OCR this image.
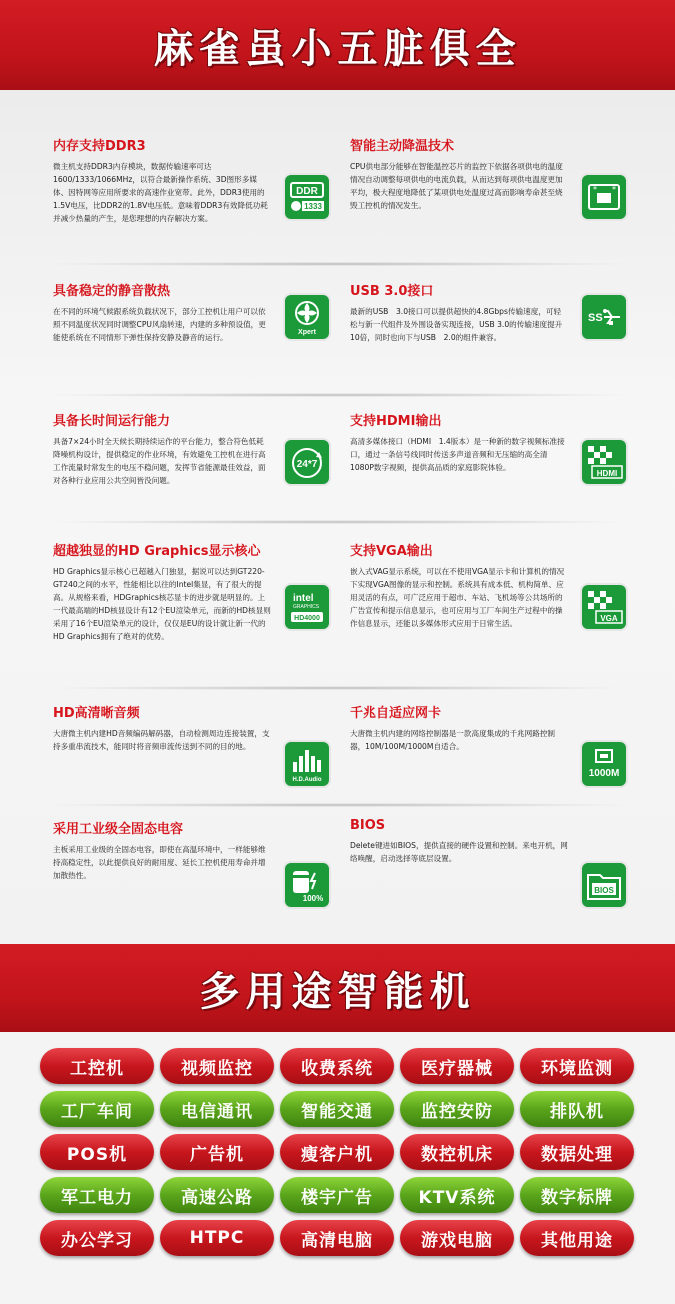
麻雀虽小五脏俱全
内存支持DDR3
微主机支持DDR3内存模块，数据传输速率可达1600/1333/1066MHz，以符合最新操作系统、3D图形多媒体、因特网等应用所要求的高速作业宽带。此外，DDR3使用的1.5V电压，比DDR2的1.8V电压低。意味着DDR3有效降低功耗并减少热量的产生，是您理想的内存解决方案。
DDR
1333
智能主动降温技术
CPU供电部分能够在智能温控芯片的监控下依据各项供电的温度情况自动调整每项供电的电流负载，从而达到每项供电温度更加平均，极大程度地降低了某项供电处温度过高而影响寿命甚至烧毁工控机的情况发生。
* *
具备稳定的静音散热
在不同的环境气候跟系统负载状况下，部分工控机让用户可以依照不同温度状况同时调整CPU风扇转速，内建的多种预设值，更能使系统在不同情形下弹性保持安静及静音的运行。
Xpert
USB 3.0接口
最新的USB　3.0接口可以提供超快的4.8Gbps传输速度，可轻松与新一代组件及外围设备实现连接，USB 3.0的传输速度提升10倍，同时也向下与USB　2.0的组件兼容。
SS
具备长时间运行能力
具备7×24小时全天候长期持续运作的平台能力，整合符色低耗降噪机构设计，提供稳定的作业环境，有效避免工控机在进行高工作流量时常发生的电压不稳问题，发挥节省能源最佳效益，面对各种行业应用公共空间皆没问题。
24*7
支持HDMI输出
高清多媒体接口（HDMI　1.4版本）是一种新的数字视频标准接口，通过一条信号线同时传送多声道音频和无压缩的高全清1080P数字视频，提供高品质的家庭影院体验。
HDMI
超越独显的HD Graphics显示核心
HD Graphics显示核心已超越入门独显，据说可以达到GT220-GT240之间的水平，性能相比以往的Intel集显，有了很大的提高。从规格来看，HDGraphics核芯显卡的进步就是明显的。上一代最高端的HD核显设计有12个EU渲染单元，而新的HD核显则采用了16个EU渲染单元的设计，仅仅是EU的设计就让新一代的HD Graphics拥有了绝对的优势。
intel
GRAPHICS
HD4000
支持VGA输出
嵌入式VAG显示系统，可以在不使用VGA显示卡和计算机的情况下实现VGA图像的显示和控制。系统具有成本低、机构简单、应用灵活的有点，可广泛应用于超市、车站、飞机场等公共场所的广告宣传和提示信息显示，也可应用与工厂车间生产过程中的操作信息显示，还能以多媒体形式应用于日常生活。
VGA
HD高清晰音频
大唐微主机内建HD音频编码解码器，自动检测周边连接装置，支持多重串流技术，能同时将音频串流传送到不同的目的地。
H.D.Audio
千兆自适应网卡
大唐微主机内建的网络控制器是一款高度集成的千兆网路控制器，10M/100M/1000M自适合。
1000M
采用工业级全固态电容
主板采用工业级的全固态电容，即使在高温环境中，一样能够维持高稳定性，以此提供良好的耐用度、延长工控机使用寿命并增加散热性。
100%
BIOS
Delete键进如BIOS，提供直接的硬件设置和控制。来电开机，网络唤醒，启动选择等底层设置。
BIOS
多用途智能机
工控机	视频监控	收费系统	医疗器械	环境监测
工厂车间	电信通讯	智能交通	监控安防	排队机
POS机	广告机	瘦客户机	数控机床	数据处理
军工电力	高速公路	楼宇广告	KTV系统	数字标牌
办公学习	HTPC	高清电脑	游戏电脑	其他用途
